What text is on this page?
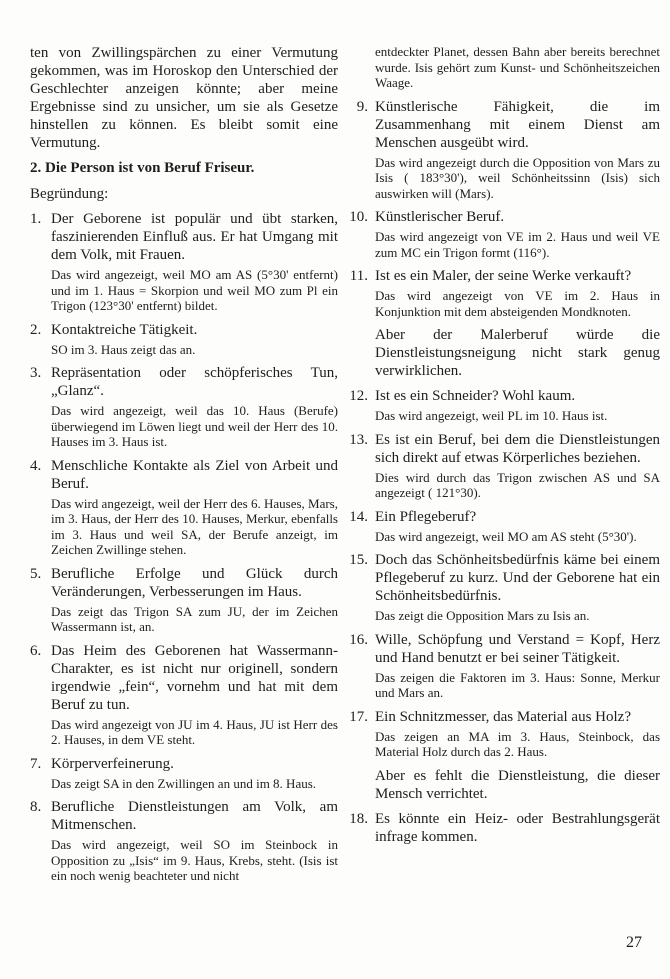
ten von Zwillingspärchen zu einer Vermutung gekommen, was im Horoskop den Unterschied der Geschlechter anzeigen könnte; aber meine Ergebnisse sind zu unsicher, um sie als Gesetze hinstellen zu können. Es bleibt somit eine Vermutung.

2. Die Person ist von Beruf Friseur.

Begründung:

1. Der Geborene ist populär und übt starken, faszinierenden Einfluß aus. Er hat Umgang mit dem Volk, mit Frauen.

Das wird angezeigt, weil MO am AS (5°30' entfernt) und im 1. Haus = Skorpion und weil MO zum Pl ein Trigon (123°30' entfernt) bildet.

2. Kontaktreiche Tätigkeit.

SO im 3. Haus zeigt das an.

3. Repräsentation oder schöpferisches Tun, „Glanz“.

Das wird angezeigt, weil das 10. Haus (Berufe) überwiegend im Löwen liegt und weil der Herr des 10. Hauses im 3. Haus ist.

4. Menschliche Kontakte als Ziel von Arbeit und Beruf.

Das wird angezeigt, weil der Herr des 6. Hauses, Mars, im 3. Haus, der Herr des 10. Hauses, Merkur, ebenfalls im 3. Haus und weil SA, der Berufe anzeigt, im Zeichen Zwillinge stehen.

5. Berufliche Erfolge und Glück durch Veränderungen, Verbesserungen im Haus.

Das zeigt das Trigon SA zum JU, der im Zeichen Wassermann ist, an.

6. Das Heim des Geborenen hat Wassermann-Charakter, es ist nicht nur originell, sondern irgendwie „fein“, vornehm und hat mit dem Beruf zu tun.

Das wird angezeigt von JU im 4. Haus, JU ist Herr des 2. Hauses, in dem VE steht.

7. Körperverfeinerung.

Das zeigt SA in den Zwillingen an und im 8. Haus.

8. Berufliche Dienstleistungen am Volk, am Mitmenschen.

Das wird angezeigt, weil SO im Steinbock in Opposition zu „Isis“ im 9. Haus, Krebs, steht. (Isis ist ein noch wenig beachteter und nicht

entdeckter Planet, dessen Bahn aber bereits berechnet wurde. Isis gehört zum Kunst- und Schönheitszeichen Waage.

9. Künstlerische Fähigkeit, die im Zusammenhang mit einem Dienst am Menschen ausgeübt wird.

Das wird angezeigt durch die Opposition von Mars zu Isis ( 183°30'), weil Schönheitssinn (Isis) sich auswirken will (Mars).

10. Künstlerischer Beruf.

Das wird angezeigt von VE im 2. Haus und weil VE zum MC ein Trigon formt (116°).

11. Ist es ein Maler, der seine Werke verkauft?

Das wird angezeigt von VE im 2. Haus in Konjunktion mit dem absteigenden Mondknoten.

Aber der Malerberuf würde die Dienstleistungsneigung nicht stark genug verwirklichen.

12. Ist es ein Schneider? Wohl kaum.

Das wird angezeigt, weil PL im 10. Haus ist.

13. Es ist ein Beruf, bei dem die Dienstleistungen sich direkt auf etwas Körperliches beziehen.

Dies wird durch das Trigon zwischen AS und SA angezeigt ( 121°30).

14. Ein Pflegeberuf?

Das wird angezeigt, weil MO am AS steht (5°30').

15. Doch das Schönheitsbedürfnis käme bei einem Pflegeberuf zu kurz. Und der Geborene hat ein Schönheitsbedürfnis.

Das zeigt die Opposition Mars zu Isis an.

16. Wille, Schöpfung und Verstand = Kopf, Herz und Hand benutzt er bei seiner Tätigkeit.

Das zeigen die Faktoren im 3. Haus: Sonne, Merkur und Mars an.

17. Ein Schnitzmesser, das Material aus Holz?

Das zeigen an MA im 3. Haus, Steinbock, das Material Holz durch das 2. Haus.

Aber es fehlt die Dienstleistung, die dieser Mensch verrichtet.

18. Es könnte ein Heiz- oder Bestrahlungsgerät infrage kommen.
27
